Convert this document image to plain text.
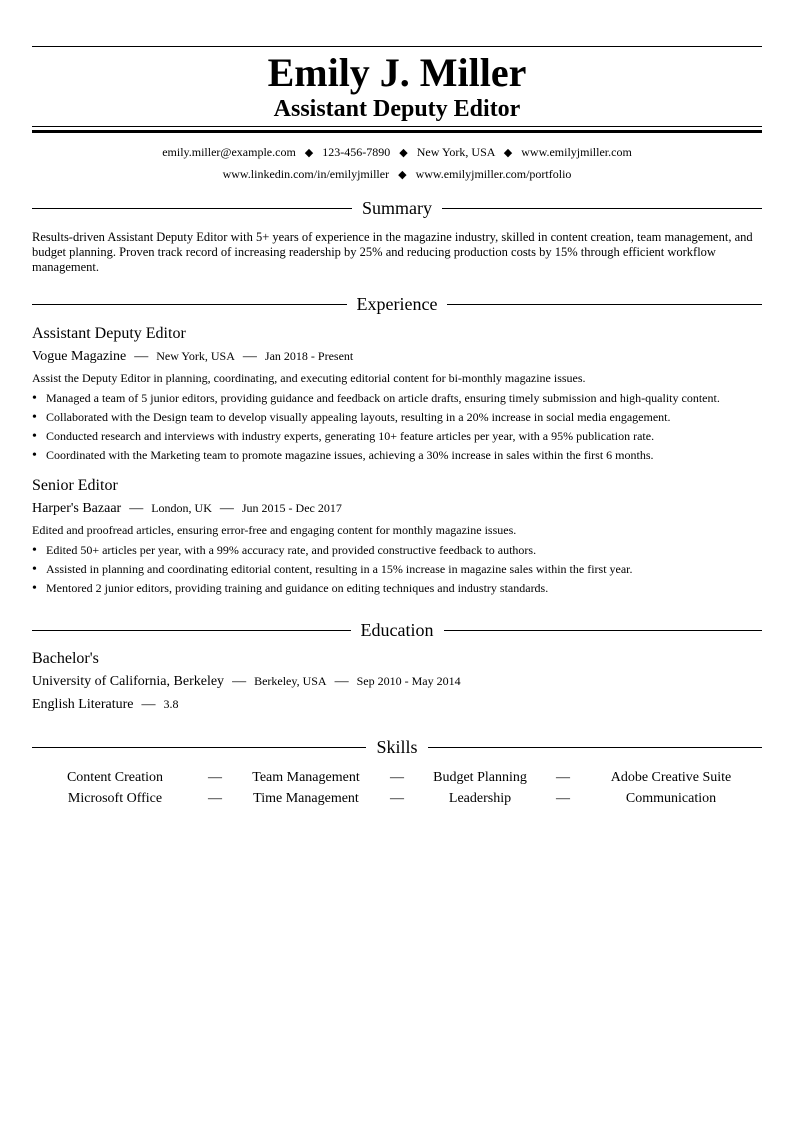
Emily J. Miller
Assistant Deputy Editor
emily.miller@example.com ◆ 123-456-7890 ◆ New York, USA ◆ www.emilyjmiller.com
www.linkedin.com/in/emilyjmiller ◆ www.emilyjmiller.com/portfolio
Summary
Results-driven Assistant Deputy Editor with 5+ years of experience in the magazine industry, skilled in content creation, team management, and budget planning. Proven track record of increasing readership by 25% and reducing production costs by 15% through efficient workflow management.
Experience
Assistant Deputy Editor
Vogue Magazine — New York, USA — Jan 2018 - Present
Assist the Deputy Editor in planning, coordinating, and executing editorial content for bi-monthly magazine issues.
• Managed a team of 5 junior editors, providing guidance and feedback on article drafts, ensuring timely submission and high-quality content.
• Collaborated with the Design team to develop visually appealing layouts, resulting in a 20% increase in social media engagement.
• Conducted research and interviews with industry experts, generating 10+ feature articles per year, with a 95% publication rate.
• Coordinated with the Marketing team to promote magazine issues, achieving a 30% increase in sales within the first 6 months.
Senior Editor
Harper's Bazaar — London, UK — Jun 2015 - Dec 2017
Edited and proofread articles, ensuring error-free and engaging content for monthly magazine issues.
• Edited 50+ articles per year, with a 99% accuracy rate, and provided constructive feedback to authors.
• Assisted in planning and coordinating editorial content, resulting in a 15% increase in magazine sales within the first year.
• Mentored 2 junior editors, providing training and guidance on editing techniques and industry standards.
Education
Bachelor's
University of California, Berkeley — Berkeley, USA — Sep 2010 - May 2014
English Literature — 3.8
Skills
Content Creation	—	Team Management	—	Budget Planning	—	Adobe Creative Suite
Microsoft Office	—	Time Management	—	Leadership	—	Communication
